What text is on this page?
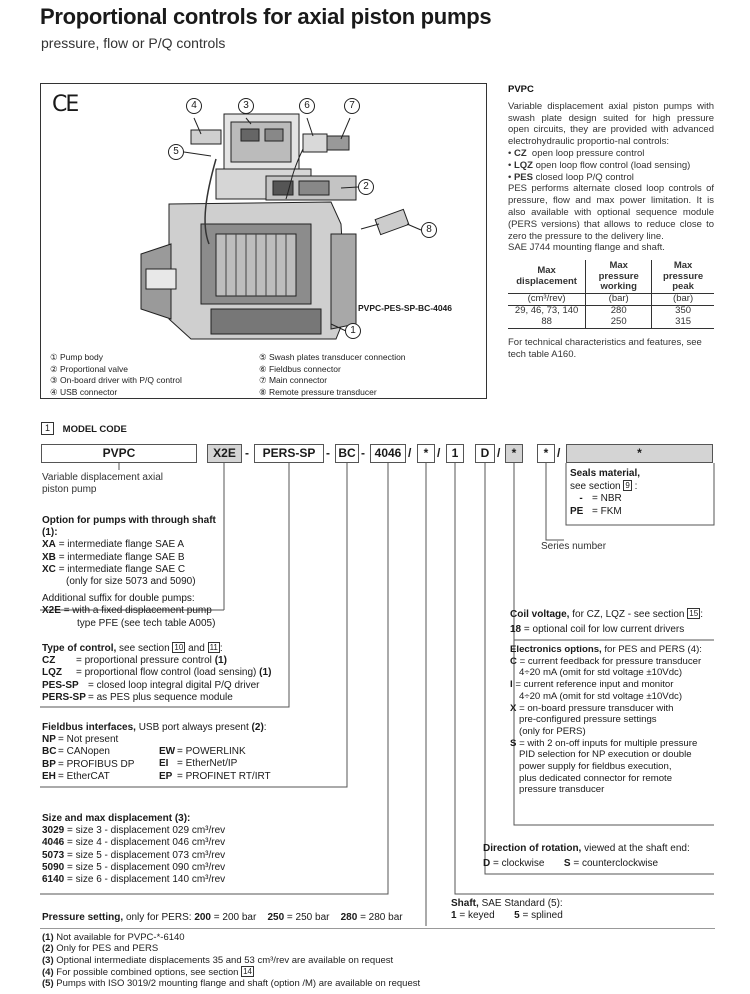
Proportional controls for axial piston pumps
pressure, flow or P/Q controls
CE	4	3	6	7
5
2
8
1
PVPC-PES-SP-BC-4046
① Pump body
② Proportional valve
③ On-board driver with P/Q control
④ USB connector
⑤ Swash plates transducer connection
⑥ Fieldbus connector
⑦ Main connector
⑧ Remote pressure transducer
PVPC
Variable displacement axial piston pumps with swash plate design suited for high pressure open circuits, they are provided with advanced electrohydraulic proportio-nal controls:
• CZ open loop pressure control
• LQZ open loop flow control (load sensing)
• PES closed loop P/Q control
PES performs alternate closed loop controls of pressure, flow and max power limitation. It is also available with optional sequence module (PERS versions) that allows to reduce close to zero the pressure to the delivery line.
SAE J744 mounting flange and shaft.
Max displacement	Max pressure working	Max pressure peak
(cm³/rev)	(bar)	(bar)
29, 46, 73, 140	280	350
88	250	315
For technical characteristics and features, see tech table A160.
1 MODEL CODE
PVPC	X2E -	PERS-SP - BC - 4046 /	* / 1	D / *	* /	*
Variable displacement axial piston pump
Option for pumps with through shaft (1):
XA = intermediate flange SAE A
XB = intermediate flange SAE B
XC = intermediate flange SAE C
(only for size 5073 and 5090)
Additional suffix for double pumps:
X2E = with a fixed displacement pump
type PFE (see tech table A005)
Type of control, see section 10 and 11 :
CZ = proportional pressure control (1)
LQZ = proportional flow control (load sensing) (1)
PES-SP = closed loop integral digital P/Q driver
PERS-SP = as PES plus sequence module
Fieldbus interfaces, USB port always present (2):
NP = Not present
BC = CANopen
BP = PROFIBUS DP
EH = EtherCAT
EW = POWERLINK
EI = EtherNet/IP
EP = PROFINET RT/IRT
Size and max displacement (3):
3029 = size 3 - displacement 029 cm³/rev
4046 = size 4 - displacement 046 cm³/rev
5073 = size 5 - displacement 073 cm³/rev
5090 = size 5 - displacement 090 cm³/rev
6140 = size 6 - displacement 140 cm³/rev
Pressure setting, only for PERS: 200 = 200 bar 250 = 250 bar 280 = 280 bar
Seals material,
see section 9 :
- = NBR
PE = FKM
Series number
Coil voltage, for CZ, LQZ - see section 15 :
18 = optional coil for low current drivers
Electronics options, for PES and PERS (4):
C = current feedback for pressure transducer
4÷20 mA (omit for std voltage ±10Vdc)
I = current reference input and monitor
4÷20 mA (omit for std voltage ±10Vdc)
X = on-board pressure transducer with
pre-configured pressure settings
(only for PERS)
S = with 2 on-off inputs for multiple pressure
PID selection for NP execution or double
power supply for fieldbus execution,
plus dedicated connector for remote
pressure transducer
Direction of rotation, viewed at the shaft end:
D = clockwise S = counterclockwise
Shaft, SAE Standard (5):
1 = keyed 5 = splined
(1) Not available for PVPC-*-6140
(2) Only for PES and PERS
(3) Optional intermediate displacements 35 and 53 cm³/rev are available on request
(4) For possible combined options, see section 14
(5) Pumps with ISO 3019/2 mounting flange and shaft (option /M) are available on request
